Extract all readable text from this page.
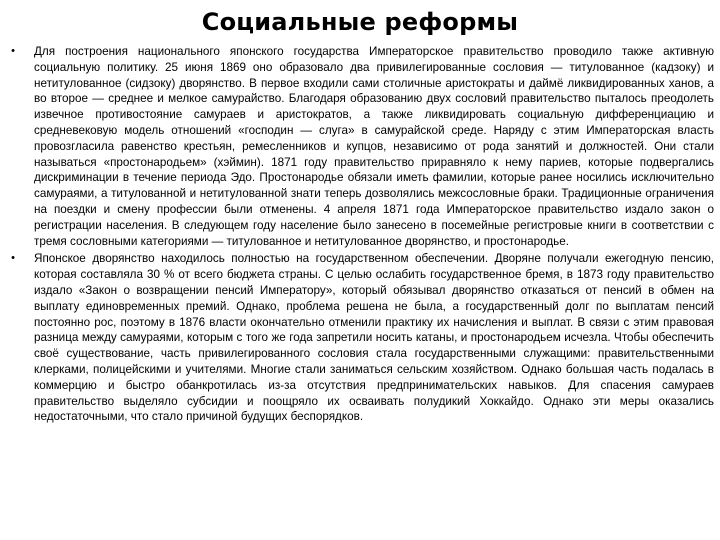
Социальные реформы
• Для построения национального японского государства Императорское правительство проводило также активную социальную политику. 25 июня 1869 оно образовало два привилегированные сословия — титулованное (кадзоку) и нетитулованное (сидзоку) дворянство. В первое входили сами столичные аристократы и даймё ликвидированных ханов, а во второе — среднее и мелкое самурайство. Благодаря образованию двух сословий правительство пыталось преодолеть извечное противостояние самураев и аристократов, а также ликвидировать социальную дифференциацию и средневековую модель отношений «господин — слуга» в самурайской среде. Наряду с этим Императорская власть провозгласила равенство крестьян, ремесленников и купцов, независимо от рода занятий и должностей. Они стали называться «простонародьем» (хэймин). 1871 году правительство приравняло к нему париев, которые подвергались дискриминации в течение периода Эдо. Простонародье обязали иметь фамилии, которые ранее носились исключительно самураями, а титулованной и нетитулованной знати теперь дозволялись межсословные браки. Традиционные ограничения на поездки и смену профессии были отменены. 4 апреля 1871 года Императорское правительство издало закон о регистрации населения. В следующем году население было занесено в посемейные регистровые книги в соответствии с тремя сословными категориями — титулованное и нетитулованное дворянство, и простонародье.
• Японское дворянство находилось полностью на государственном обеспечении. Дворяне получали ежегодную пенсию, которая составляла 30 % от всего бюджета страны. С целью ослабить государственное бремя, в 1873 году правительство издало «Закон о возвращении пенсий Императору», который обязывал дворянство отказаться от пенсий в обмен на выплату единовременных премий. Однако, проблема решена не была, а государственный долг по выплатам пенсий постоянно рос, поэтому в 1876 власти окончательно отменили практику их начисления и выплат. В связи с этим правовая разница между самураями, которым с того же года запретили носить катаны, и простонародьем исчезла. Чтобы обеспечить своё существование, часть привилегированного сословия стала государственными служащими: правительственными клерками, полицейскими и учителями. Многие стали заниматься сельским хозяйством. Однако большая часть подалась в коммерцию и быстро обанкротилась из-за отсутствия предпринимательских навыков. Для спасения самураев правительство выделяло субсидии и поощряло их осваивать полудикий Хоккайдо. Однако эти меры оказались недостаточными, что стало причиной будущих беспорядков.
